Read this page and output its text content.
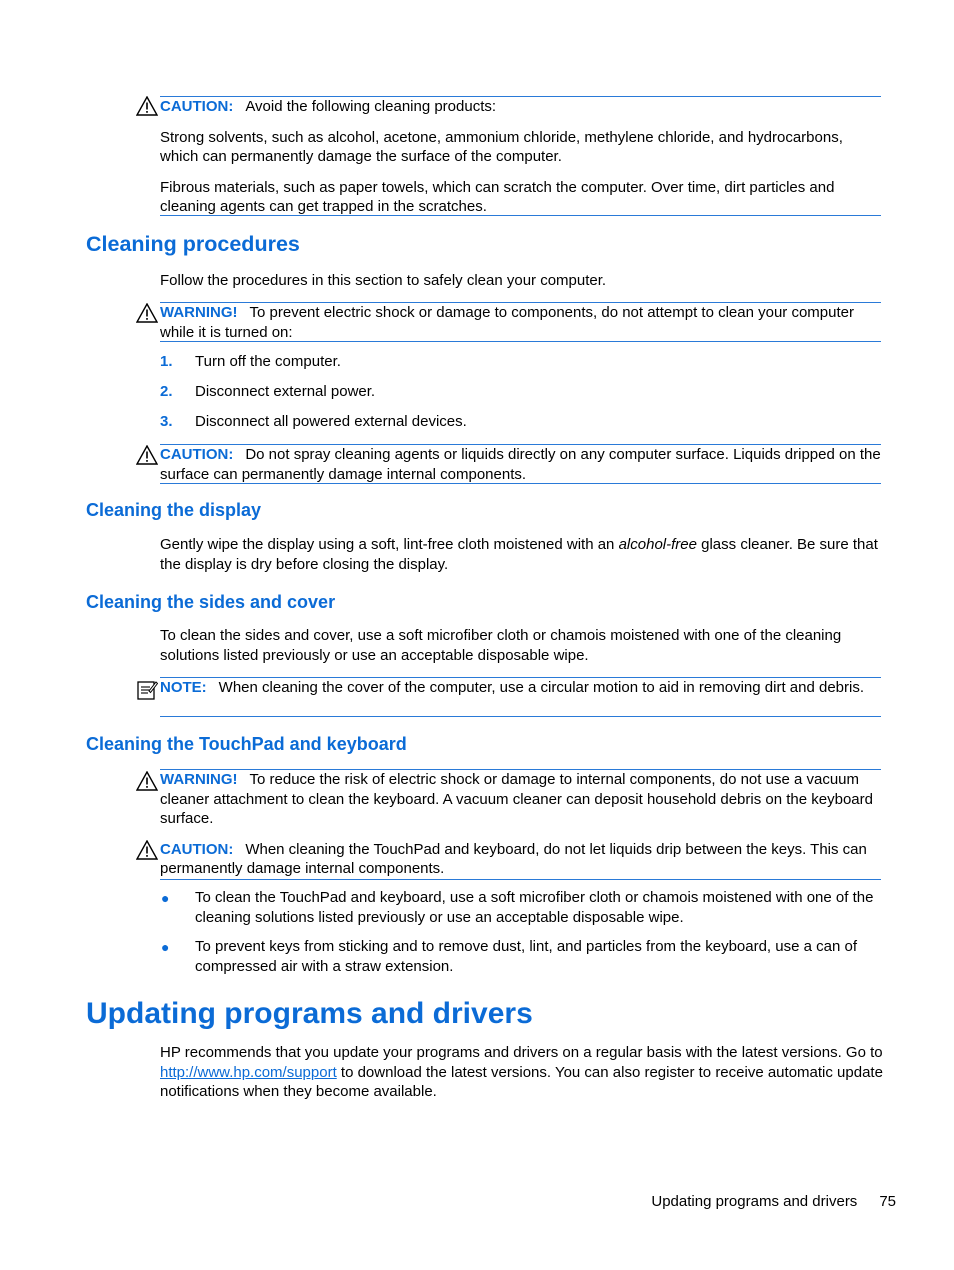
CAUTION: Avoid the following cleaning products:
Strong solvents, such as alcohol, acetone, ammonium chloride, methylene chloride, and hydrocarbons, which can permanently damage the surface of the computer.
Fibrous materials, such as paper towels, which can scratch the computer. Over time, dirt particles and cleaning agents can get trapped in the scratches.
Cleaning procedures

Follow the procedures in this section to safely clean your computer.

WARNING! To prevent electric shock or damage to components, do not attempt to clean your computer while it is turned on:
1. Turn off the computer.
2. Disconnect external power.
3. Disconnect all powered external devices.
CAUTION: Do not spray cleaning agents or liquids directly on any computer surface. Liquids dripped on the surface can permanently damage internal components.
Cleaning the display

Gently wipe the display using a soft, lint-free cloth moistened with an alcohol-free glass cleaner. Be sure that the display is dry before closing the display.

Cleaning the sides and cover

To clean the sides and cover, use a soft microfiber cloth or chamois moistened with one of the cleaning solutions listed previously or use an acceptable disposable wipe.

NOTE: When cleaning the cover of the computer, use a circular motion to aid in removing dirt and debris.
Cleaning the TouchPad and keyboard
WARNING! To reduce the risk of electric shock or damage to internal components, do not use a vacuum cleaner attachment to clean the keyboard. A vacuum cleaner can deposit household debris on the keyboard surface.
CAUTION: When cleaning the TouchPad and keyboard, do not let liquids drip between the keys. This can permanently damage internal components.
● To clean the TouchPad and keyboard, use a soft microfiber cloth or chamois moistened with one of the cleaning solutions listed previously or use an acceptable disposable wipe.
● To prevent keys from sticking and to remove dust, lint, and particles from the keyboard, use a can of compressed air with a straw extension.
Updating programs and drivers

HP recommends that you update your programs and drivers on a regular basis with the latest versions. Go to http://www.hp.com/support to download the latest versions. You can also register to receive automatic update notifications when they become available.

Updating programs and drivers 75
